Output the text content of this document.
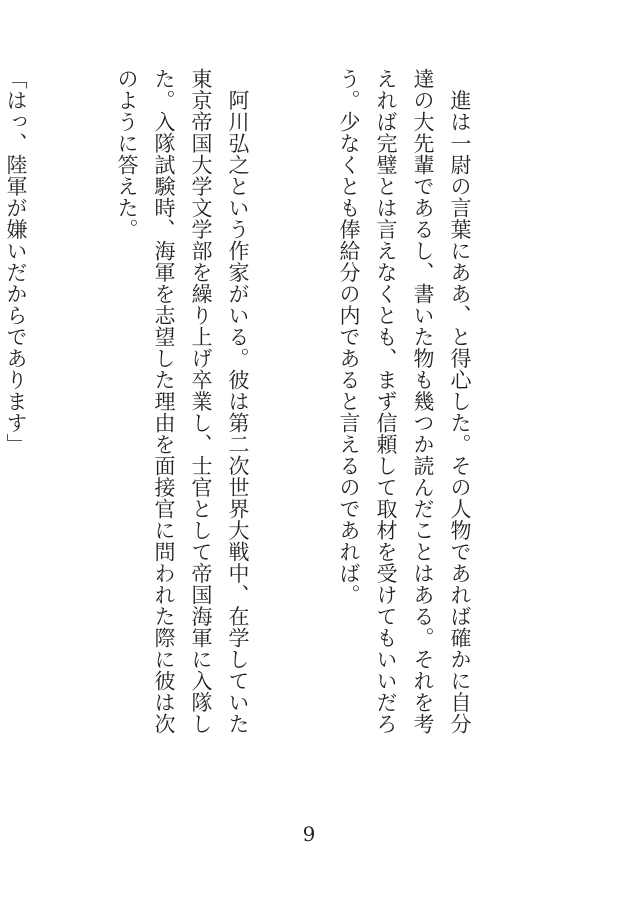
　進は一尉の言葉にああ、と得心した。その人物であれば確かに自分達の大先輩であるし、書いた物も幾つか読んだことはある。それを考えれば完璧とは言えなくとも、まず信頼して取材を受けてもいいだろう。少なくとも俸給分の内であると言えるのであれば。

　阿川弘之という作家がいる。彼は第二次世界大戦中、在学していた東京帝国大学文学部を繰り上げ卒業し、士官として帝国海軍に入隊した。入隊試験時、海軍を志望した理由を面接官に問われた際に彼は次のように答えた。

「はっ、陸軍が嫌いだからであります」

9
